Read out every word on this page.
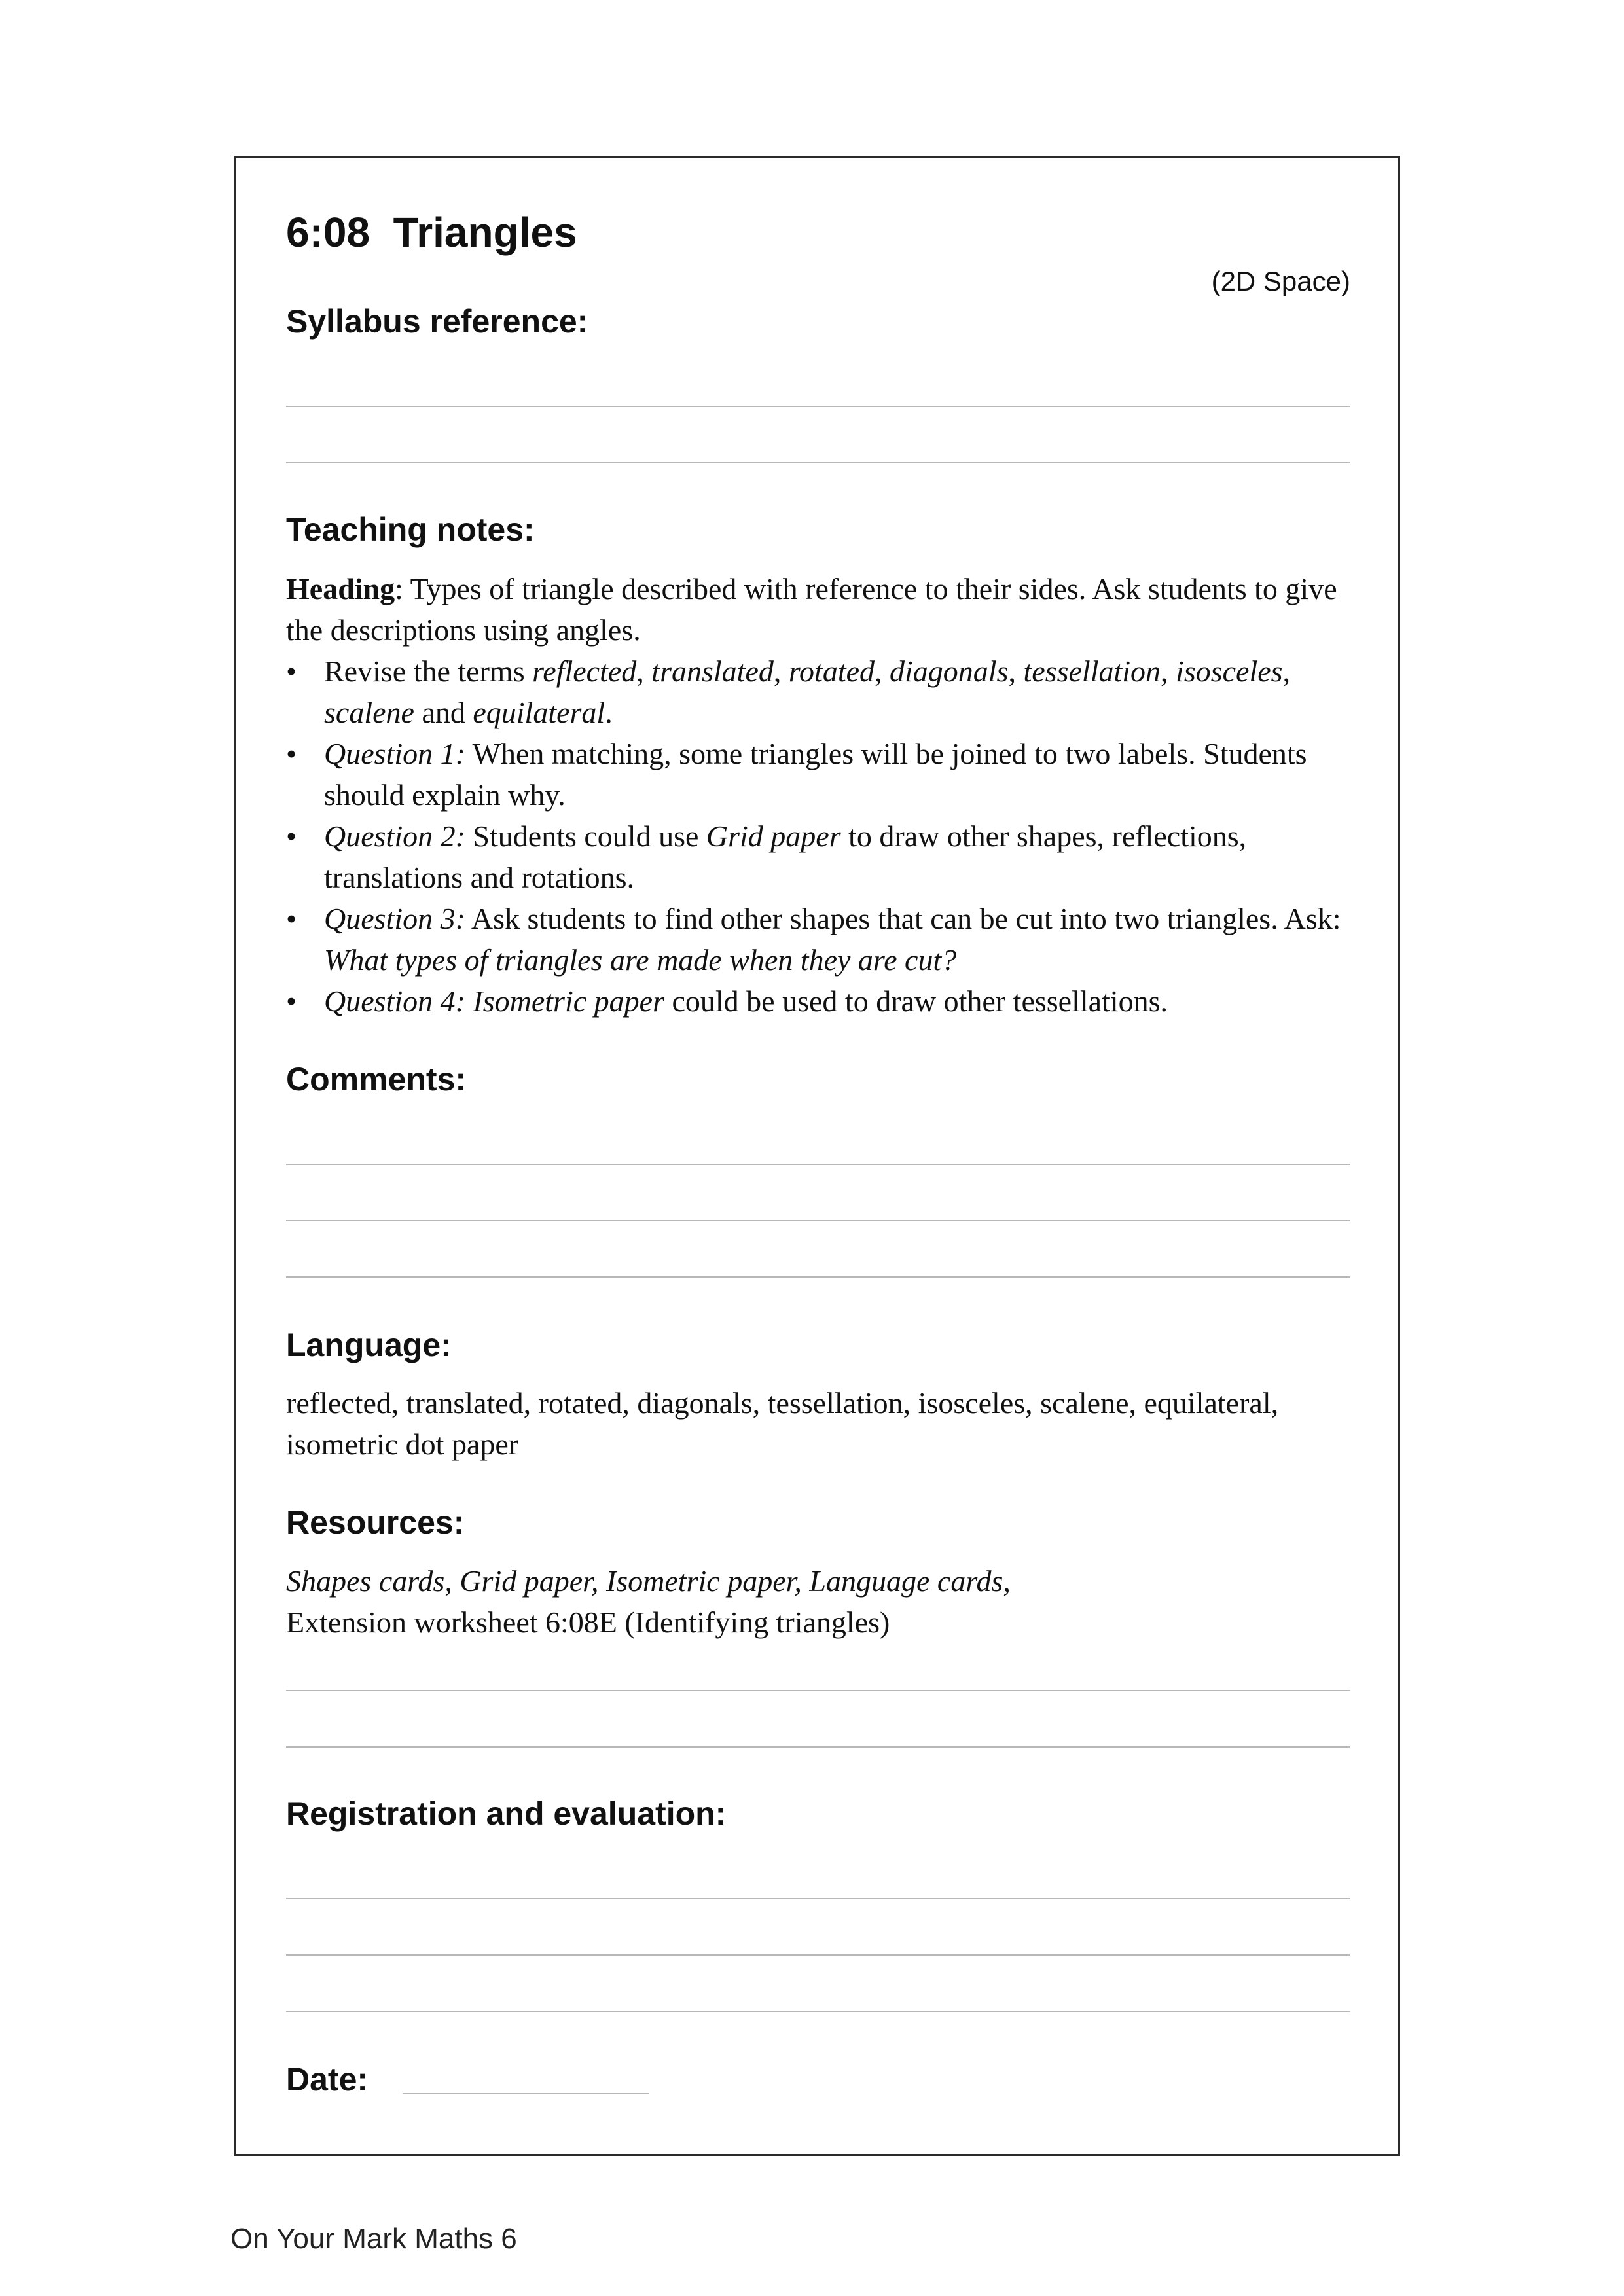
6:08  Triangles
(2D Space)
Syllabus reference:
Teaching notes:
Heading: Types of triangle described with reference to their sides. Ask students to give the descriptions using angles.
• Revise the terms reflected, translated, rotated, diagonals, tessellation, isosceles, scalene and equilateral.
• Question 1: When matching, some triangles will be joined to two labels. Students should explain why.
• Question 2: Students could use Grid paper to draw other shapes, reflections, translations and rotations.
• Question 3: Ask students to find other shapes that can be cut into two triangles. Ask: What types of triangles are made when they are cut?
• Question 4: Isometric paper could be used to draw other tessellations.
Comments:
Language:
reflected, translated, rotated, diagonals, tessellation, isosceles, scalene, equilateral, isometric dot paper
Resources:
Shapes cards, Grid paper, Isometric paper, Language cards,
Extension worksheet 6:08E (Identifying triangles)
Registration and evaluation:
Date:
On Your Mark Maths 6
